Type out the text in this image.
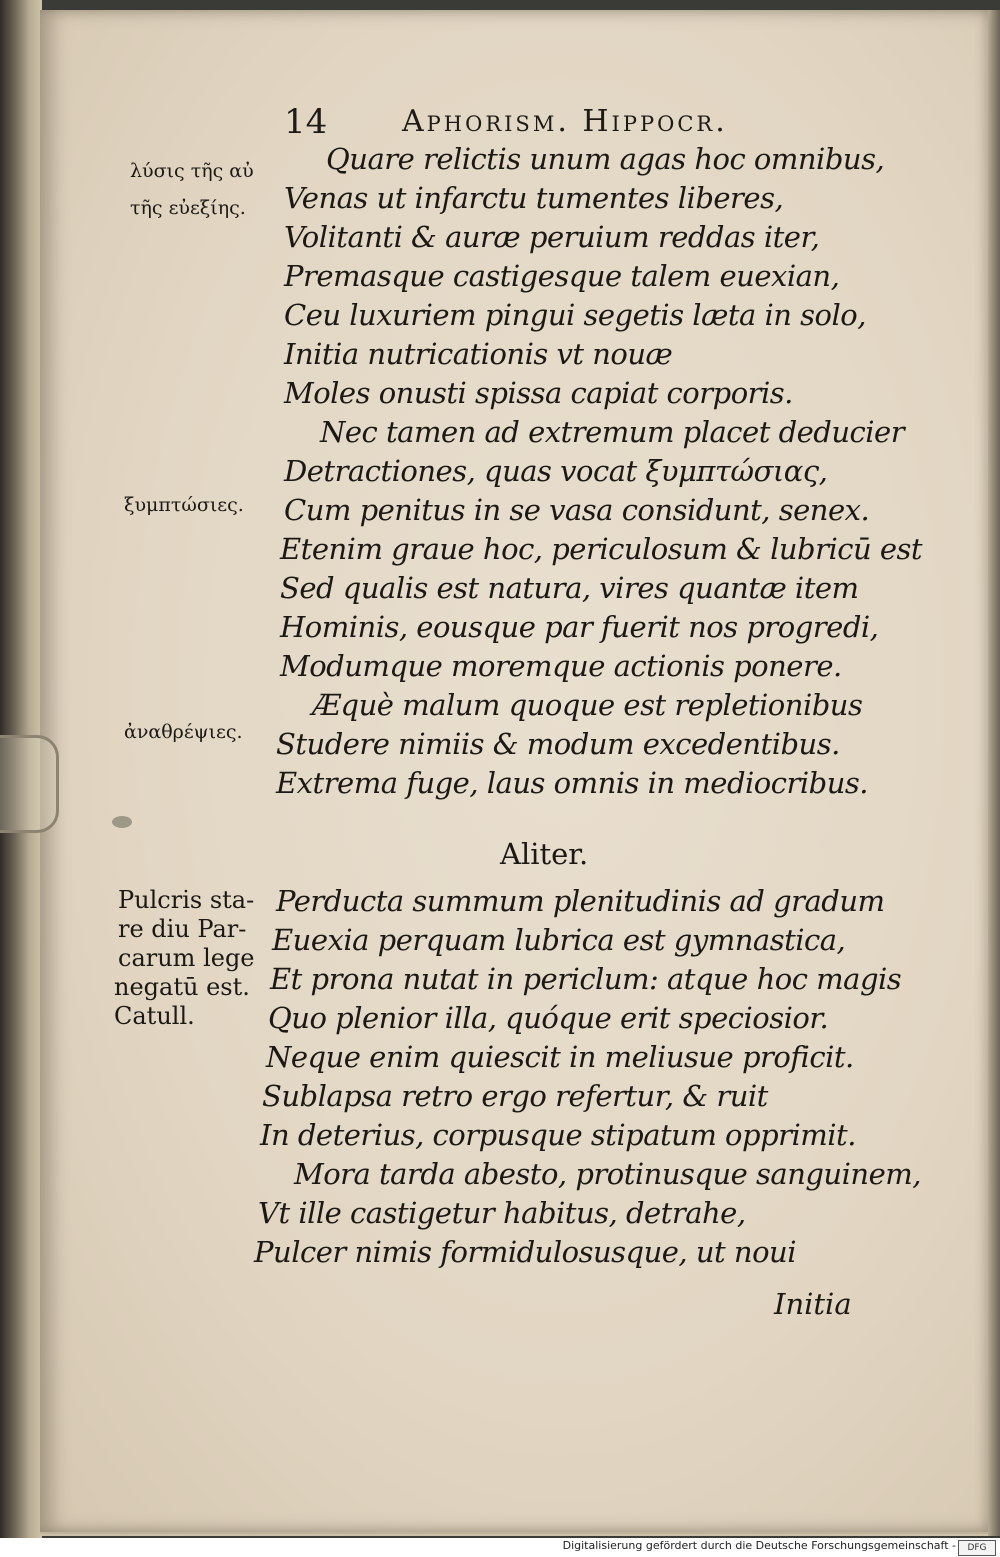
14 Aphorism. Hippocr.
λύσις τῆς αὐ
τῆς εὐεξίης.
ξυμπτώσιες.
ἀναθρέψιες.
Pulcris sta-
re diu Par-
carum lege
negatū est.
Catull.
Quare relictis unum agas hoc omnibus,
Venas ut infarctu tumentes liberes,
Volitanti & auræ peruium reddas iter,
Premasque castigesque talem euexian,
Ceu luxuriem pingui segetis læta in solo,
Initia nutricationis vt nouæ
Moles onusti spissa capiat corporis.
Nec tamen ad extremum placet deducier
Detractiones, quas vocat ξυμπτώσιας,
Cum penitus in se vasa considunt, senex.
Etenim graue hoc, periculosum & lubricū est
Sed qualis est natura, vires quantæ item
Hominis, eousque par fuerit nos progredi,
Modumque moremque actionis ponere.
Æquè malum quoque est repletionibus
Studere nimiis & modum excedentibus.
Extrema fuge, laus omnis in mediocribus.
Aliter.
Perducta summum plenitudinis ad gradum
Euexia perquam lubrica est gymnastica,
Et prona nutat in periclum: atque hoc magis
Quo plenior illa, quóque erit speciosior.
Neque enim quiescit in meliusue proficit.
Sublapsa retro ergo refertur, & ruit
In deterius, corpusque stipatum opprimit.
Mora tarda abesto, protinusque sanguinem,
Vt ille castigetur habitus, detrahe,
Pulcer nimis formidulosusque, ut noui
Initia
Digitalisierung gefördert durch die Deutsche Forschungsgemeinschaft -	DFG
